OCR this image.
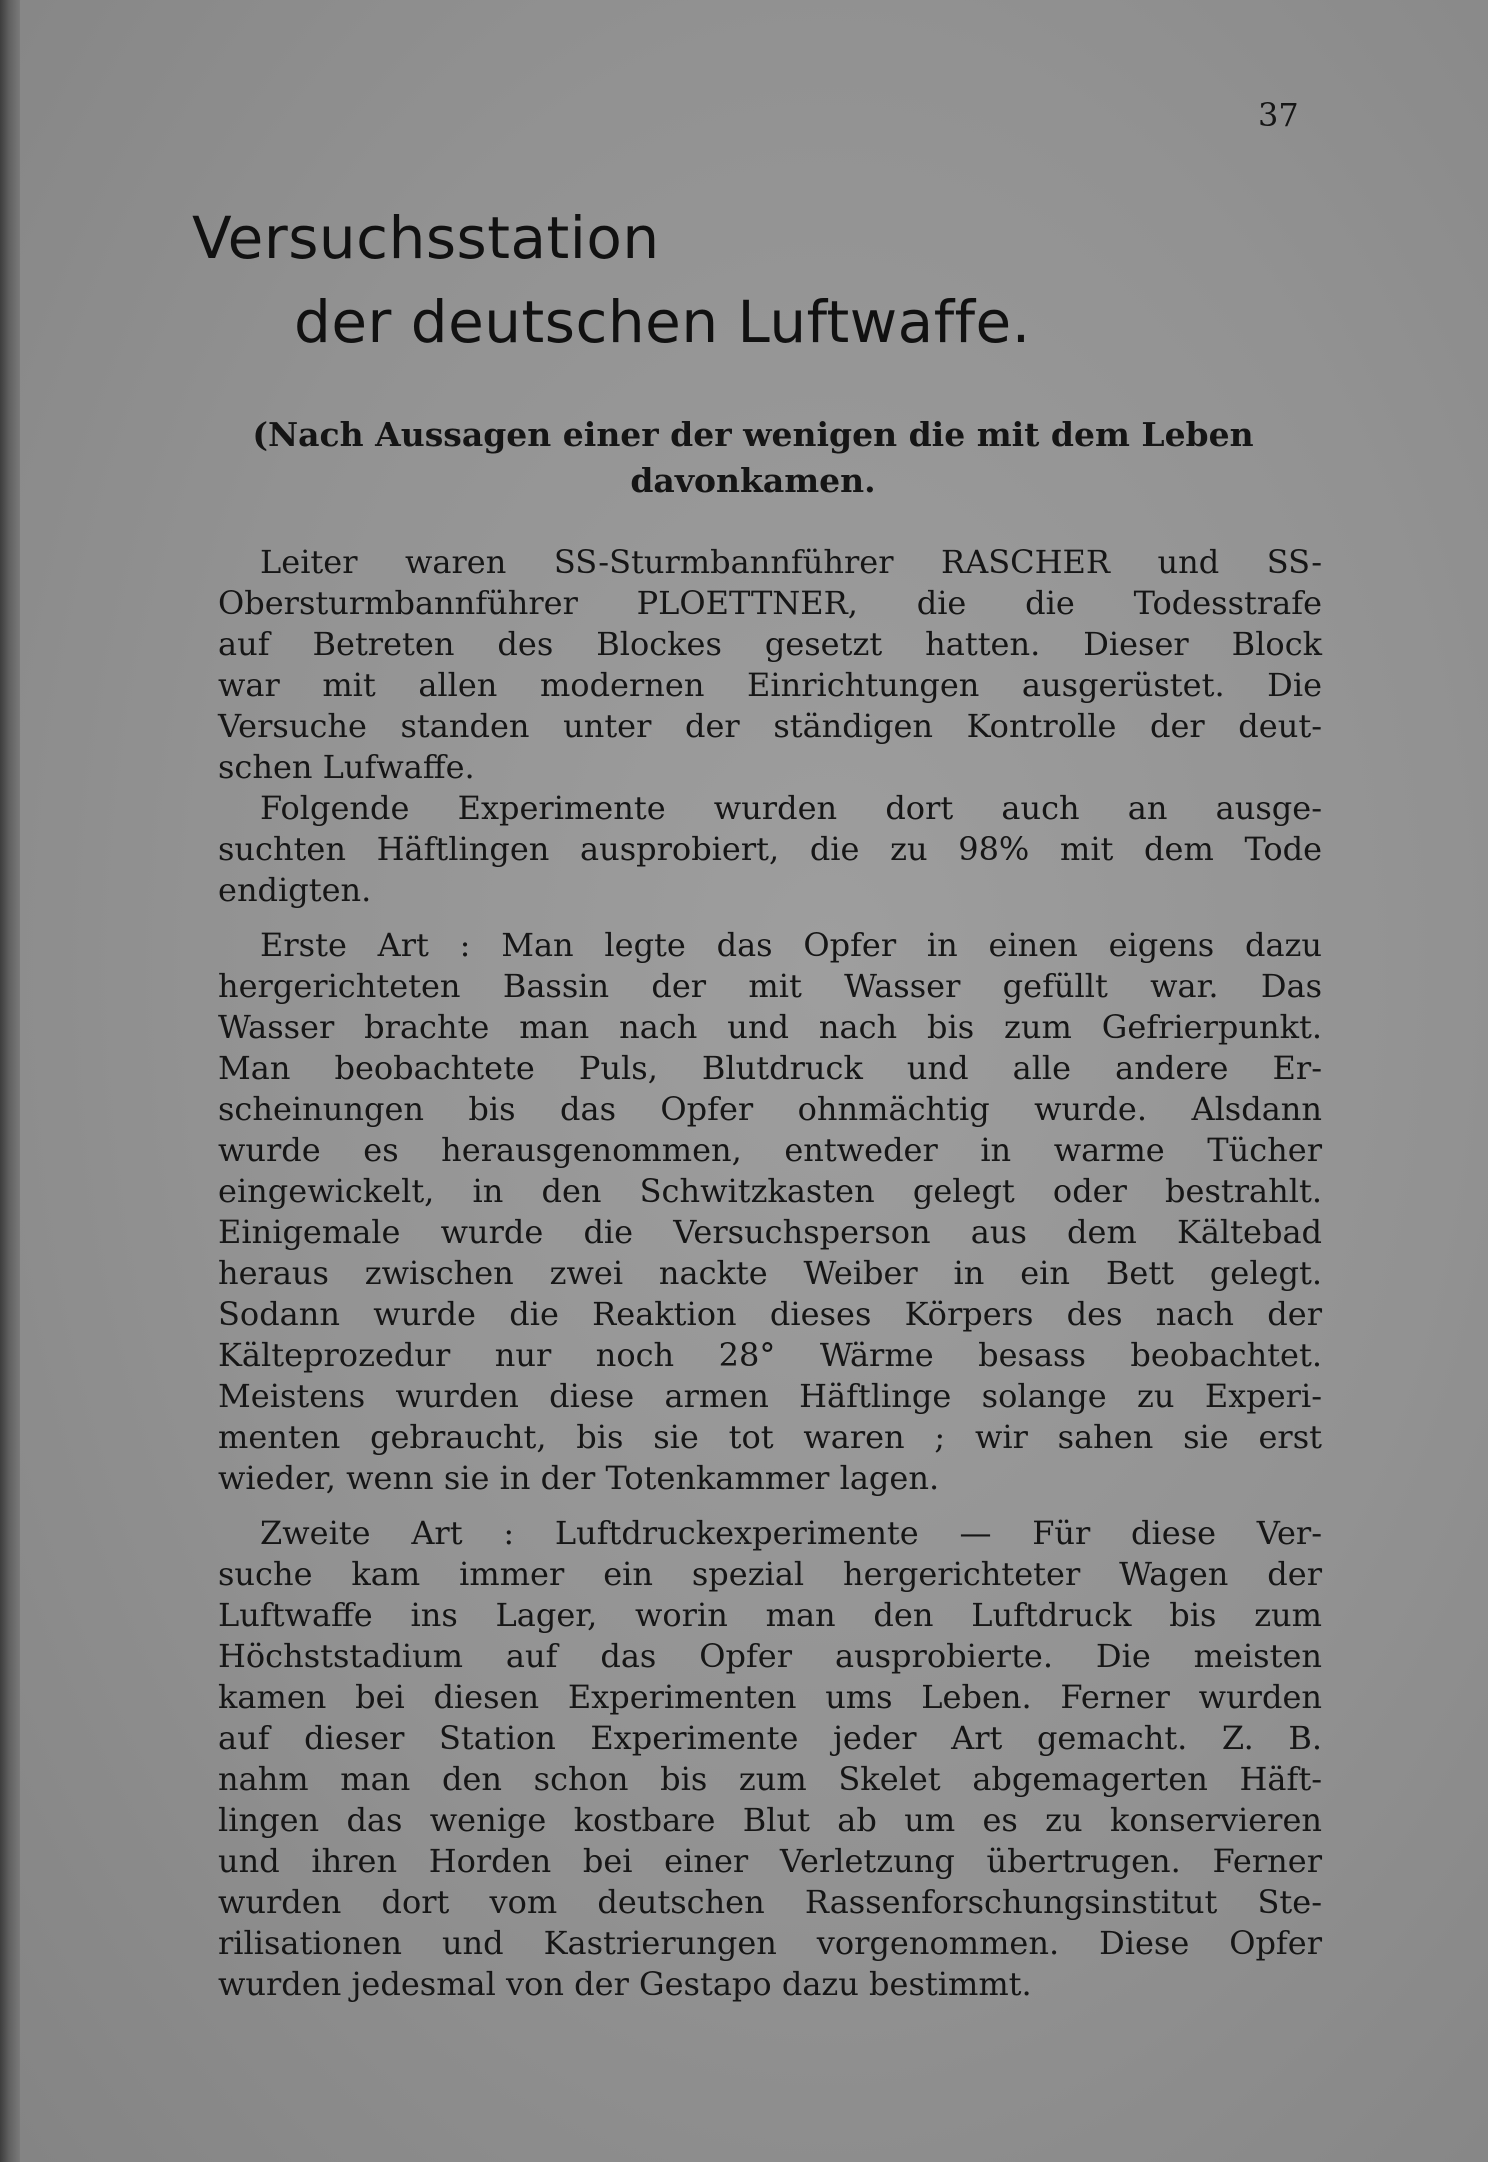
37
Versuchsstation
der deutschen Luftwaffe.
(Nach Aussagen einer der wenigen die mit dem Leben
davonkamen.
Leiter waren SS-Sturmbannführer RASCHER und SS-
Obersturmbannführer PLOETTNER, die die Todesstrafe
auf Betreten des Blockes gesetzt hatten. Dieser Block
war mit allen modernen Einrichtungen ausgerüstet. Die
Versuche standen unter der ständigen Kontrolle der deut-
schen Lufwaffe.
Folgende Experimente wurden dort auch an ausge-
suchten Häftlingen ausprobiert, die zu 98% mit dem Tode
endigten.
Erste Art : Man legte das Opfer in einen eigens dazu
hergerichteten Bassin der mit Wasser gefüllt war. Das
Wasser brachte man nach und nach bis zum Gefrierpunkt.
Man beobachtete Puls, Blutdruck und alle andere Er-
scheinungen bis das Opfer ohnmächtig wurde. Alsdann
wurde es herausgenommen, entweder in warme Tücher
eingewickelt, in den Schwitzkasten gelegt oder bestrahlt.
Einigemale wurde die Versuchsperson aus dem Kältebad
heraus zwischen zwei nackte Weiber in ein Bett gelegt.
Sodann wurde die Reaktion dieses Körpers des nach der
Kälteprozedur nur noch 28° Wärme besass beobachtet.
Meistens wurden diese armen Häftlinge solange zu Experi-
menten gebraucht, bis sie tot waren ; wir sahen sie erst
wieder, wenn sie in der Totenkammer lagen.
Zweite Art : Luftdruckexperimente — Für diese Ver-
suche kam immer ein spezial hergerichteter Wagen der
Luftwaffe ins Lager, worin man den Luftdruck bis zum
Höchststadium auf das Opfer ausprobierte. Die meisten
kamen bei diesen Experimenten ums Leben. Ferner wurden
auf dieser Station Experimente jeder Art gemacht. Z. B.
nahm man den schon bis zum Skelet abgemagerten Häft-
lingen das wenige kostbare Blut ab um es zu konservieren
und ihren Horden bei einer Verletzung übertrugen. Ferner
wurden dort vom deutschen Rassenforschungsinstitut Ste-
rilisationen und Kastrierungen vorgenommen. Diese Opfer
wurden jedesmal von der Gestapo dazu bestimmt.
